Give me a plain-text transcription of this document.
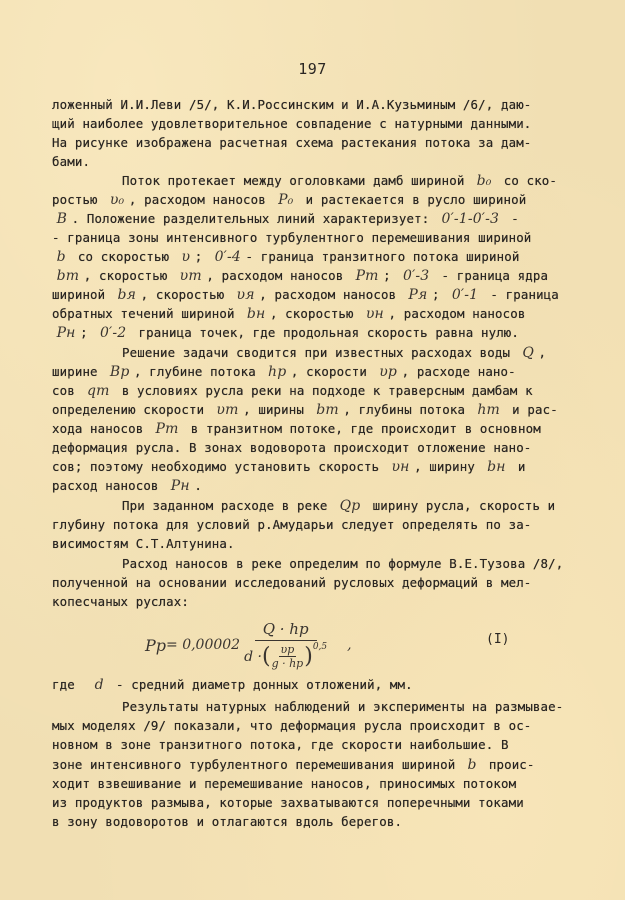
197
ложенный И.И.Леви /5/, К.И.Россинским и И.А.Кузьминым /6/, даю-
щий наиболее удовлетворительное совпадение с натурными данными.
На рисунке изображена расчетная схема растекания потока за дам-
бами.
Поток протекает между оголовками дамб шириной  b₀  со ско-
ростью  υ₀ , расходом наносов  P₀  и растекается в русло шириной
B . Положение разделительных линий характеризует:  0′-1-0′-3  -
- граница зоны интенсивного турбулентного перемешивания шириной
b  со скоростью  υ ;  0′-4 - граница транзитного потока шириной
bт , скоростью  υт , расходом наносов  Pт ;  0′-3  - граница ядра
шириной  bя , скоростью  υя , расходом наносов  Pя ;  0′-1  - граница
обратных течений шириной  bн , скоростью  υн , расходом наносов
Pн ;  0′-2  граница точек, где продольная скорость равна нулю.
Решение задачи сводится при известных расходах воды  Q ,
ширине  Bр , глубине потока  hр , скорости  υр , расходе нано-
сов  qт  в условиях русла реки на подходе к траверсным дамбам к
определению скорости  υт , ширины  bт , глубины потока  hт  и рас-
хода наносов  Pт  в транзитном потоке, где происходит в основном
деформация русла. В зонах водоворота происходит отложение нано-
сов; поэтому необходимо установить скорость  υн , ширину  bн  и
расход наносов  Pн .
При заданном расходе в реке  Qр  ширину русла, скорость и
глубину потока для условий р.Амударьи следует определять по за-
висимостям С.Т.Алтунина.
Расход наносов в реке определим по формуле В.Е.Тузова /8/,
полученной на основании исследований русловых деформаций в мел-
копесчаных руслах:
где   d  - средний диаметр донных отложений, мм.
Результаты натурных наблюдений и эксперименты на размывае-
мых моделях /9/ показали, что деформация русла происходит в ос-
новном в зоне транзитного потока, где скорости наибольшие. В
зоне интенсивного турбулентного перемешивания шириной  b  проис-
ходит взвешивание и перемешивание наносов, приносимых потоком
из продуктов размыва, которые захватываются поперечными токами
в зону водоворотов и отлагаются вдоль берегов.
Pр = 0,00002
Q · hр
d · ( $\frac{\upsilon р}{g \cdot hр}$ ) 0,5 ,	(I)
